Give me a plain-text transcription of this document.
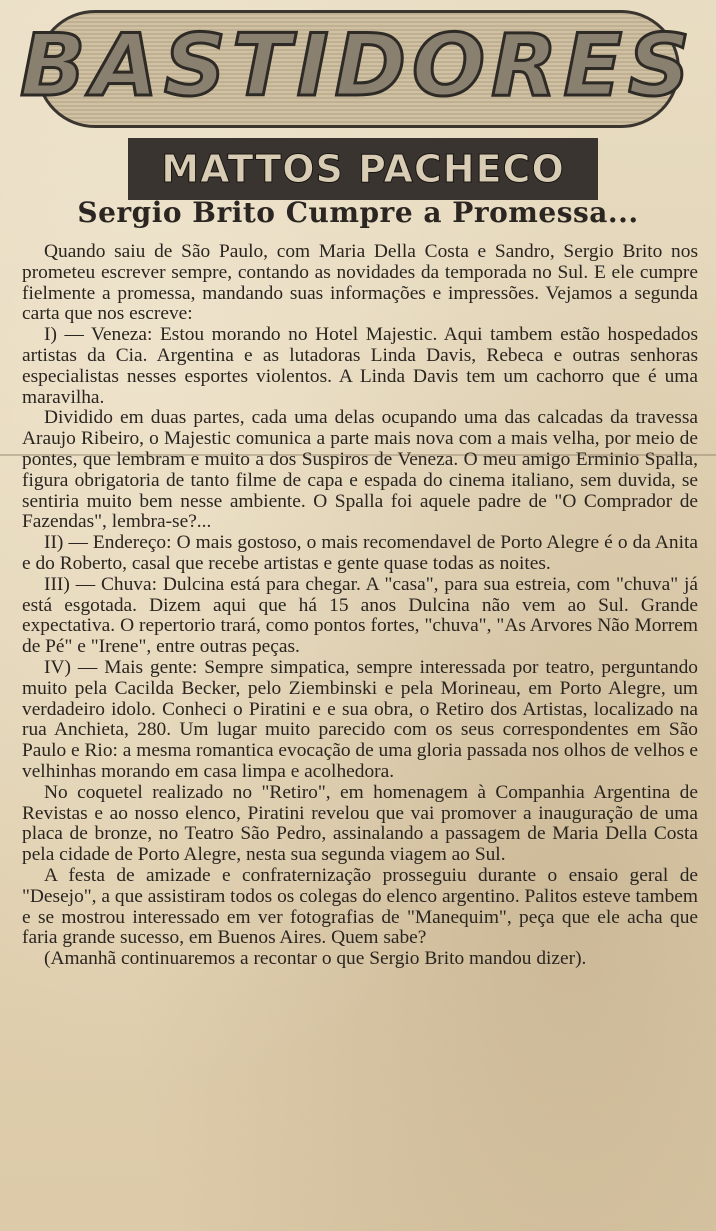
BASTIDORES
MATTOS PACHECO
Sergio Brito Cumpre a Promessa...

Quando saiu de São Paulo, com Maria Della Costa e Sandro, Sergio Brito nos prometeu escrever sempre, contando as novidades da temporada no Sul. E ele cumpre fielmente a promessa, mandando suas informações e impressões. Vejamos a segunda carta que nos escreve:

I) — Veneza: Estou morando no Hotel Majestic. Aqui tambem estão hospedados artistas da Cia. Argentina e as lutadoras Linda Davis, Rebeca e outras senhoras especialistas nesses esportes violentos. A Linda Davis tem um cachorro que é uma maravilha.

Dividido em duas partes, cada uma delas ocupando uma das calcadas da travessa Araujo Ribeiro, o Majestic comunica a parte mais nova com a mais velha, por meio de pontes, que lembram e muito a dos Suspiros de Veneza. O meu amigo Erminio Spalla, figura obrigatoria de tanto filme de capa e espada do cinema italiano, sem duvida, se sentiria muito bem nesse ambiente. O Spalla foi aquele padre de "O Comprador de Fazendas", lembra-se?...

II) — Endereço: O mais gostoso, o mais recomendavel de Porto Alegre é o da Anita e do Roberto, casal que recebe artistas e gente quase todas as noites.

III) — Chuva: Dulcina está para chegar. A "casa", para sua estreia, com "chuva" já está esgotada. Dizem aqui que há 15 anos Dulcina não vem ao Sul. Grande expectativa. O repertorio trará, como pontos fortes, "chuva", "As Arvores Não Morrem de Pé" e "Irene", entre outras peças.

IV) — Mais gente: Sempre simpatica, sempre interessada por teatro, perguntando muito pela Cacilda Becker, pelo Ziembinski e pela Morineau, em Porto Alegre, um verdadeiro idolo. Conheci o Piratini e e sua obra, o Retiro dos Artistas, localizado na rua Anchieta, 280. Um lugar muito parecido com os seus correspondentes em São Paulo e Rio: a mesma romantica evocação de uma gloria passada nos olhos de velhos e velhinhas morando em casa limpa e acolhedora.

No coquetel realizado no "Retiro", em homenagem à Companhia Argentina de Revistas e ao nosso elenco, Piratini revelou que vai promover a inauguração de uma placa de bronze, no Teatro São Pedro, assinalando a passagem de Maria Della Costa pela cidade de Porto Alegre, nesta sua segunda viagem ao Sul.

A festa de amizade e confraternização prosseguiu durante o ensaio geral de "Desejo", a que assistiram todos os colegas do elenco argentino. Palitos esteve tambem e se mostrou interessado em ver fotografias de "Manequim", peça que ele acha que faria grande sucesso, em Buenos Aires. Quem sabe?

(Amanhã continuaremos a recontar o que Sergio Brito mandou dizer).
